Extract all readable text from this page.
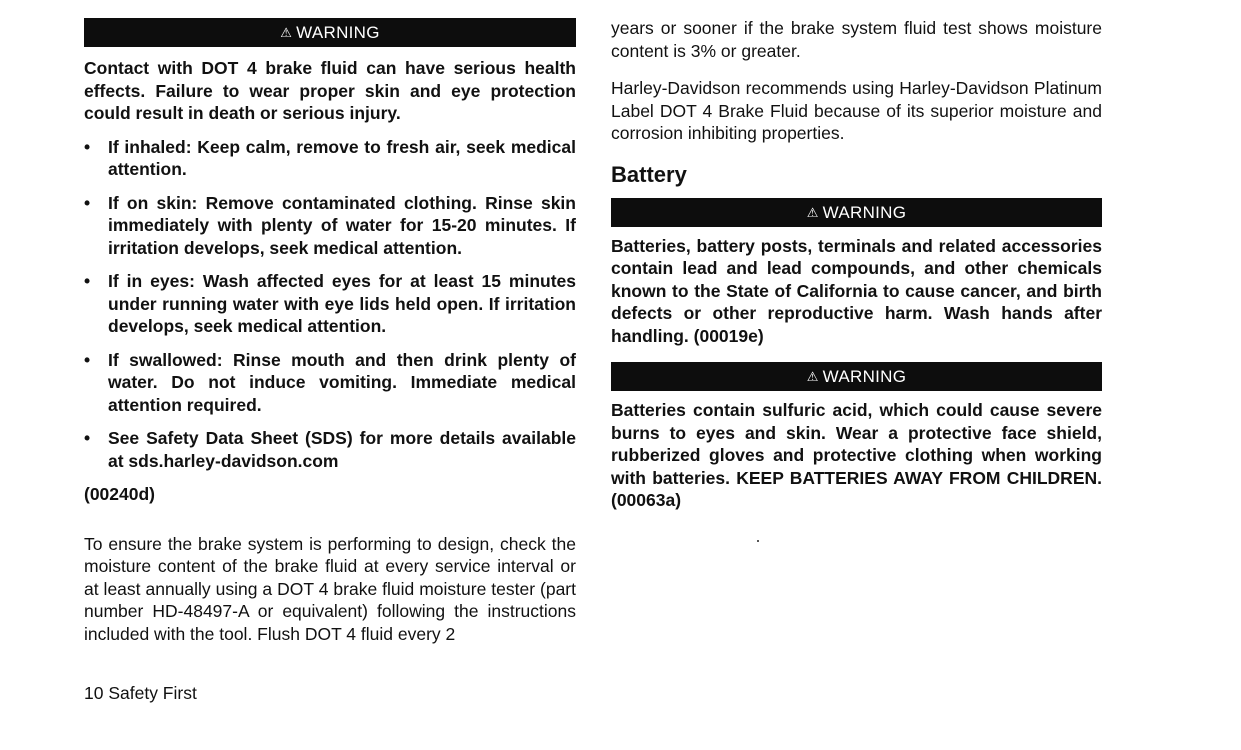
⚠ WARNING

Contact with DOT 4 brake fluid can have serious health effects. Failure to wear proper skin and eye protection could result in death or serious injury.

• If inhaled: Keep calm, remove to fresh air, seek medical attention.
• If on skin: Remove contaminated clothing. Rinse skin immediately with plenty of water for 15-20 minutes. If irritation develops, seek medical attention.
• If in eyes: Wash affected eyes for at least 15 minutes under running water with eye lids held open. If irritation develops, seek medical attention.
• If swallowed: Rinse mouth and then drink plenty of water. Do not induce vomiting. Immediate medical attention required.
• See Safety Data Sheet (SDS) for more details available at sds.harley-davidson.com
(00240d)

To ensure the brake system is performing to design, check the moisture content of the brake fluid at every service interval or at least annually using a DOT 4 brake fluid moisture tester (part number HD-48497-A or equivalent) following the instructions included with the tool. Flush DOT 4 fluid every 2

years or sooner if the brake system fluid test shows moisture content is 3% or greater.

Harley-Davidson recommends using Harley-Davidson Platinum Label DOT 4 Brake Fluid because of its superior moisture and corrosion inhibiting properties.

Battery
⚠ WARNING

Batteries, battery posts, terminals and related accessories contain lead and lead compounds, and other chemicals known to the State of California to cause cancer, and birth defects or other reproductive harm. Wash hands after handling. (00019e)

⚠ WARNING

Batteries contain sulfuric acid, which could cause severe burns to eyes and skin. Wear a protective face shield, rubberized gloves and protective clothing when working with batteries. KEEP BATTERIES AWAY FROM CHILDREN. (00063a)

10 Safety First
